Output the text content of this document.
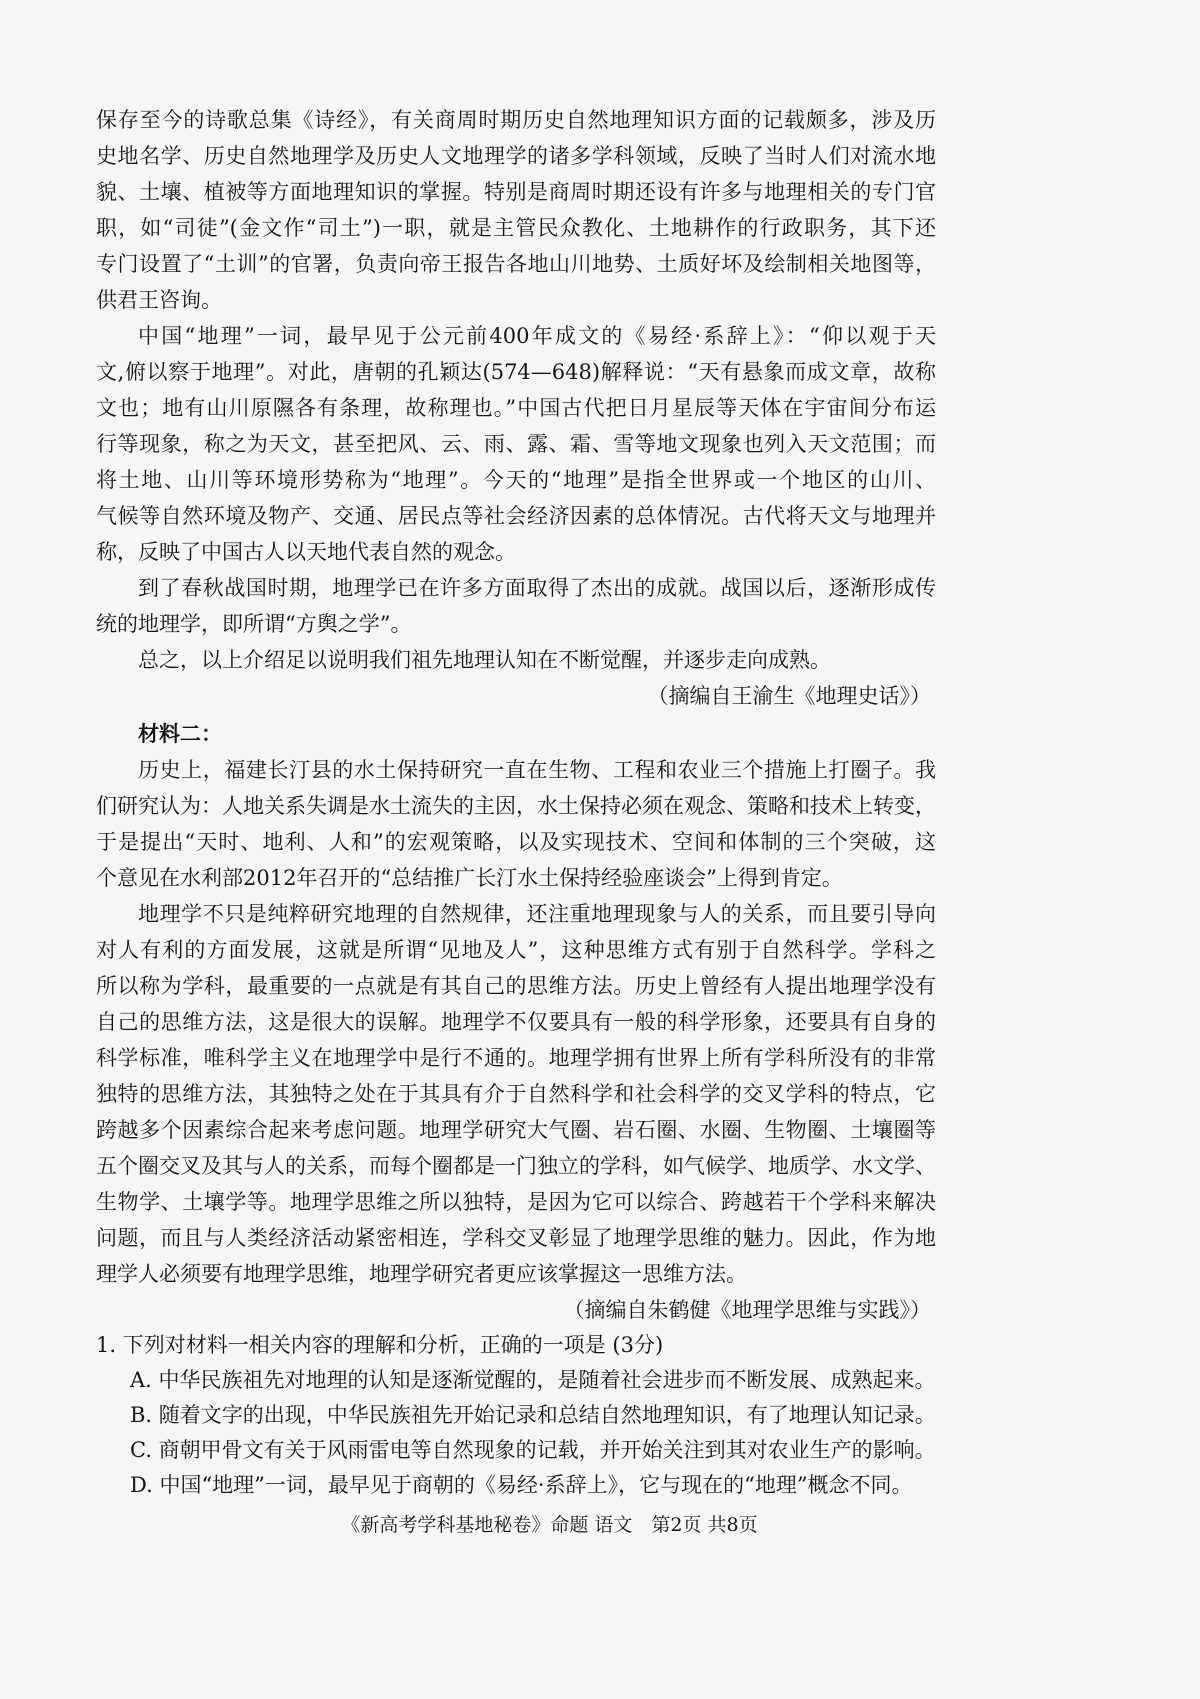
保存至今的诗歌总集《诗经》，有关商周时期历史自然地理知识方面的记载颇多，涉及历
史地名学、历史自然地理学及历史人文地理学的诸多学科领域，反映了当时人们对流水地
貌、土壤、植被等方面地理知识的掌握。特别是商周时期还设有许多与地理相关的专门官
职，如“司徒”(金文作“司土”)一职，就是主管民众教化、土地耕作的行政职务，其下还
专门设置了“土训”的官署，负责向帝王报告各地山川地势、土质好坏及绘制相关地图等，
供君王咨询。
中国“地理”一词，最早见于公元前400年成文的《易经·系辞上》：“仰以观于天
文,俯以察于地理”。对此，唐朝的孔颖达(574—648)解释说：“天有悬象而成文章，故称
文也；地有山川原隰各有条理，故称理也。”中国古代把日月星辰等天体在宇宙间分布运
行等现象，称之为天文，甚至把风、云、雨、露、霜、雪等地文现象也列入天文范围；而
将土地、山川等环境形势称为“地理”。今天的“地理”是指全世界或一个地区的山川、
气候等自然环境及物产、交通、居民点等社会经济因素的总体情况。古代将天文与地理并
称，反映了中国古人以天地代表自然的观念。
到了春秋战国时期，地理学已在许多方面取得了杰出的成就。战国以后，逐渐形成传
统的地理学，即所谓“方舆之学”。
总之，以上介绍足以说明我们祖先地理认知在不断觉醒，并逐步走向成熟。
（摘编自王渝生《地理史话》）
材料二：
历史上，福建长汀县的水土保持研究一直在生物、工程和农业三个措施上打圈子。我
们研究认为：人地关系失调是水土流失的主因，水土保持必须在观念、策略和技术上转变，
于是提出“天时、地利、人和”的宏观策略，以及实现技术、空间和体制的三个突破，这
个意见在水利部2012年召开的“总结推广长汀水土保持经验座谈会”上得到肯定。
地理学不只是纯粹研究地理的自然规律，还注重地理现象与人的关系，而且要引导向
对人有利的方面发展，这就是所谓“见地及人”，这种思维方式有别于自然科学。学科之
所以称为学科，最重要的一点就是有其自己的思维方法。历史上曾经有人提出地理学没有
自己的思维方法，这是很大的误解。地理学不仅要具有一般的科学形象，还要具有自身的
科学标准，唯科学主义在地理学中是行不通的。地理学拥有世界上所有学科所没有的非常
独特的思维方法，其独特之处在于其具有介于自然科学和社会科学的交叉学科的特点，它
跨越多个因素综合起来考虑问题。地理学研究大气圈、岩石圈、水圈、生物圈、土壤圈等
五个圈交叉及其与人的关系，而每个圈都是一门独立的学科，如气候学、地质学、水文学、
生物学、土壤学等。地理学思维之所以独特，是因为它可以综合、跨越若干个学科来解决
问题，而且与人类经济活动紧密相连，学科交叉彰显了地理学思维的魅力。因此，作为地
理学人必须要有地理学思维，地理学研究者更应该掌握这一思维方法。
（摘编自朱鹤健《地理学思维与实践》）
1. 下列对材料一相关内容的理解和分析，正确的一项是 (3分)
A. 中华民族祖先对地理的认知是逐渐觉醒的，是随着社会进步而不断发展、成熟起来。
B. 随着文字的出现，中华民族祖先开始记录和总结自然地理知识，有了地理认知记录。
C. 商朝甲骨文有关于风雨雷电等自然现象的记载，并开始关注到其对农业生产的影响。
D. 中国“地理”一词，最早见于商朝的《易经·系辞上》，它与现在的“地理”概念不同。
《新高考学科基地秘卷》命题 语文　第2页 共8页
